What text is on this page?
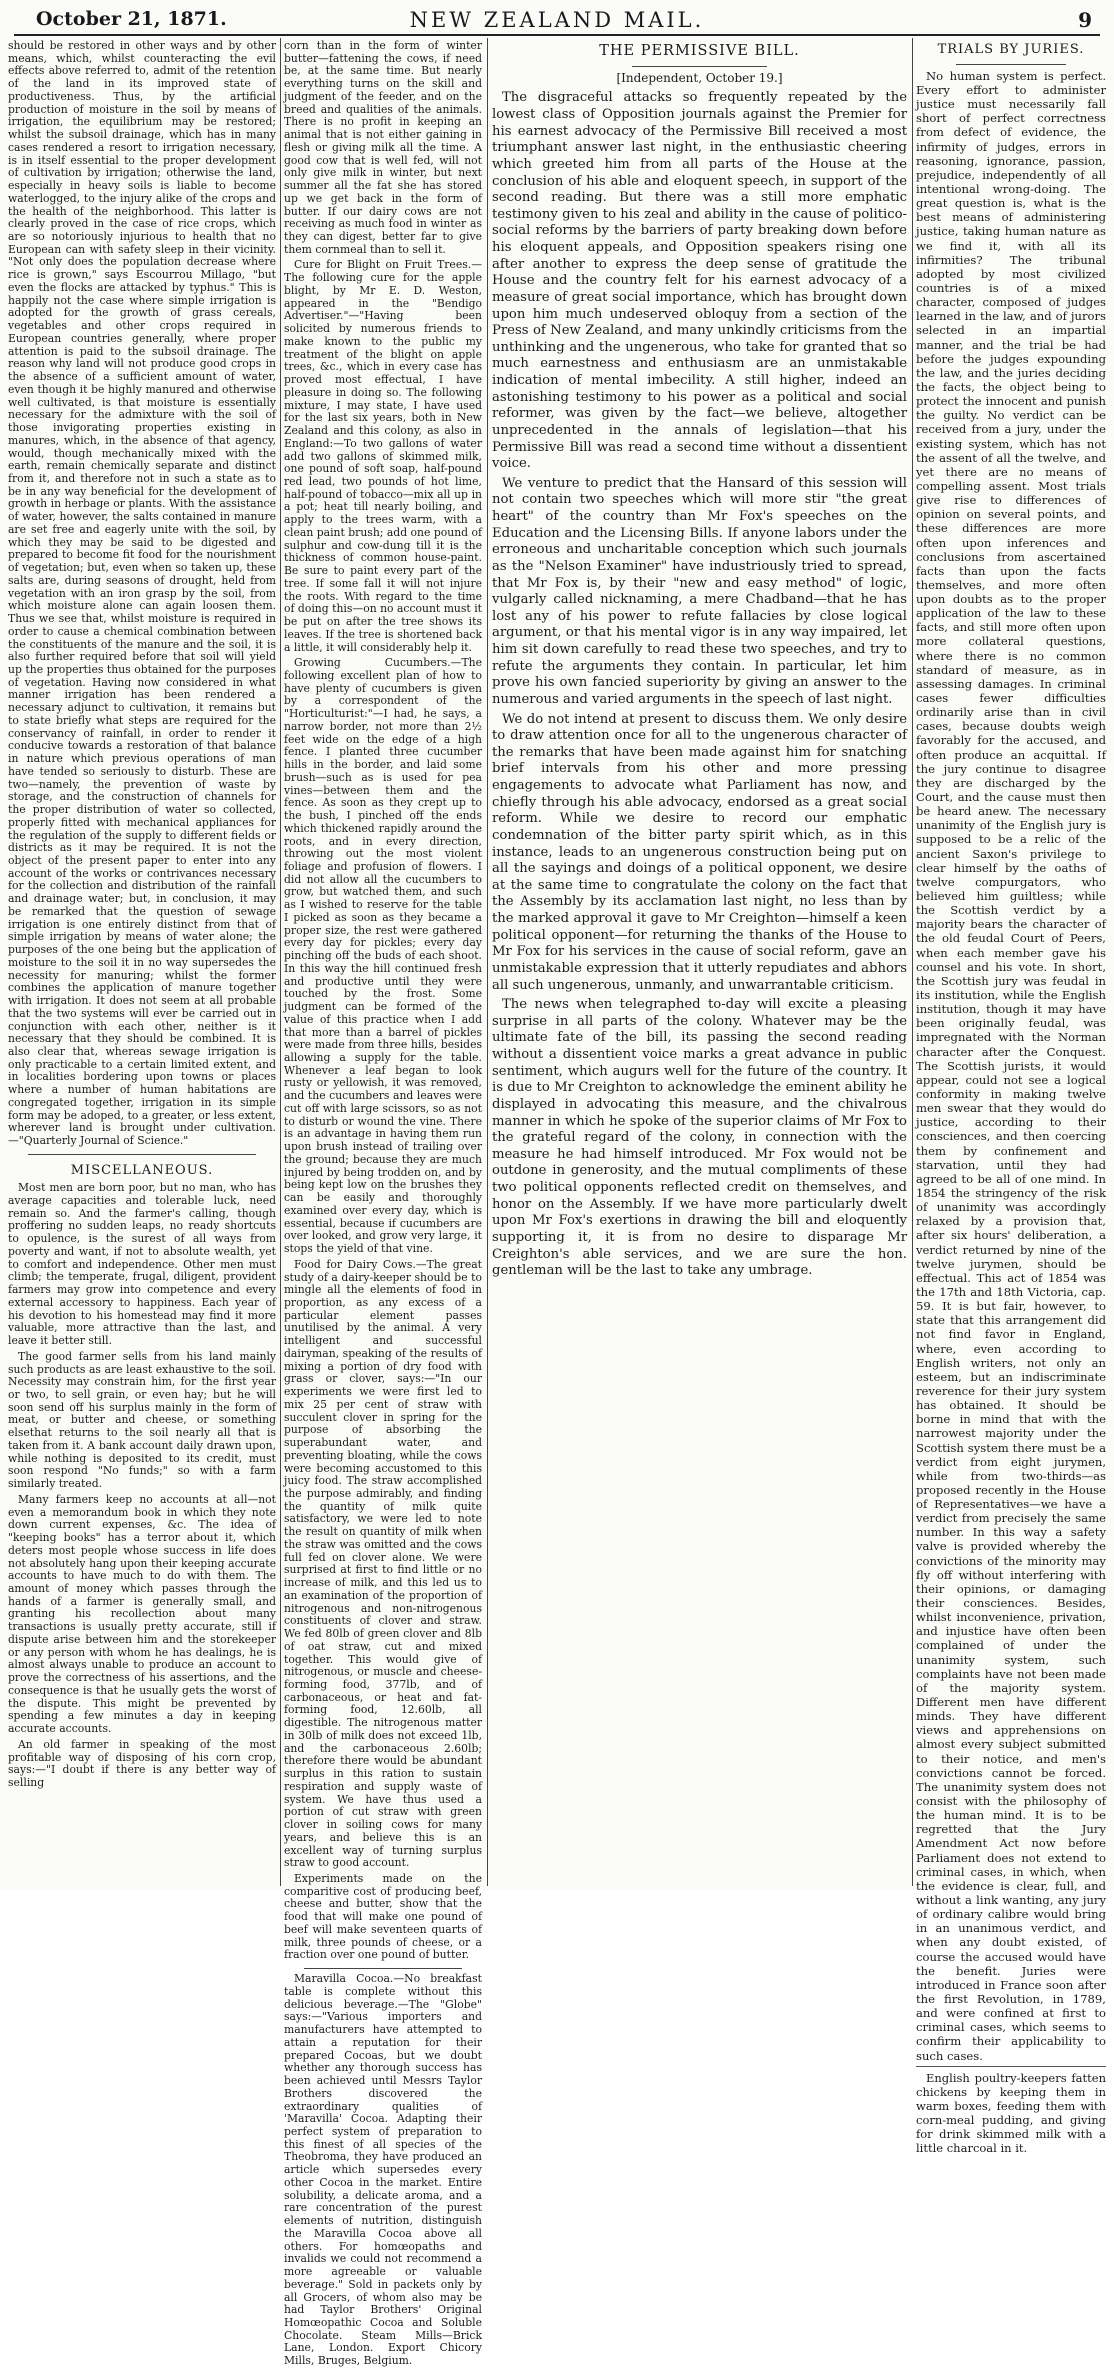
October 21, 1871.	NEW ZEALAND MAIL.	9

should be restored in other ways and by other means, which, whilst counteracting the evil effects above referred to, admit of the retention of the land in its improved state of productiveness. Thus, by the artificial production of moisture in the soil by means of irrigation, the equilibrium may be restored; whilst the subsoil drainage, which has in many cases rendered a resort to irrigation necessary, is in itself essential to the proper development of cultivation by irrigation; otherwise the land, especially in heavy soils is liable to become waterlogged, to the injury alike of the crops and the health of the neighborhood. This latter is clearly proved in the case of rice crops, which are so notoriously injurious to health that no European can with safety sleep in their vicinity. "Not only does the population decrease where rice is grown," says Escourrou Millago, "but even the flocks are attacked by typhus." This is happily not the case where simple irrigation is adopted for the growth of grass cereals, vegetables and other crops required in European countries generally, where proper attention is paid to the subsoil drainage. The reason why land will not produce good crops in the absence of a sufficient amount of water, even though it be highly manured and otherwise well cultivated, is that moisture is essentially necessary for the admixture with the soil of those invigorating properties existing in manures, which, in the absence of that agency, would, though mechanically mixed with the earth, remain chemically separate and distinct from it, and therefore not in such a state as to be in any way beneficial for the development of growth in herbage or plants. With the assistance of water, however, the salts contained in manure are set free and eagerly unite with the soil, by which they may be said to be digested and prepared to become fit food for the nourishment of vegetation; but, even when so taken up, these salts are, during seasons of drought, held from vegetation with an iron grasp by the soil, from which moisture alone can again loosen them. Thus we see that, whilst moisture is required in order to cause a chemical combination between the constituents of the manure and the soil, it is also further required before that soil will yield up the properties thus obtained for the purposes of vegetation. Having now considered in what manner irrigation has been rendered a necessary adjunct to cultivation, it remains but to state briefly what steps are required for the conservancy of rainfall, in order to render it conducive towards a restoration of that balance in nature which previous operations of man have tended so seriously to disturb. These are two—namely, the prevention of waste by storage, and the construction of channels for the proper distribution of water so collected, properly fitted with mechanical appliances for the regulation of the supply to different fields or districts as it may be required. It is not the object of the present paper to enter into any account of the works or contrivances necessary for the collection and distribution of the rainfall and drainage water; but, in conclusion, it may be remarked that the question of sewage irrigation is one entirely distinct from that of simple irrigation by means of water alone; the purposes of the one being but the application of moisture to the soil it in no way supersedes the necessity for manuring; whilst the former combines the application of manure together with irrigation. It does not seem at all probable that the two systems will ever be carried out in conjunction with each other, neither is it necessary that they should be combined. It is also clear that, whereas sewage irrigation is only practicable to a certain limited extent, and in localities bordering upon towns or places where a number of human habitations are congregated together, irrigation in its simple form may be adoped, to a greater, or less extent, wherever land is brought under cultivation.—"Quarterly Journal of Science."

MISCELLANEOUS.

Most men are born poor, but no man, who has average capacities and tolerable luck, need remain so. And the farmer's calling, though proffering no sudden leaps, no ready shortcuts to opulence, is the surest of all ways from poverty and want, if not to absolute wealth, yet to comfort and independence. Other men must climb; the temperate, frugal, diligent, provident farmers may grow into competence and every external accessory to happiness. Each year of his devotion to his homestead may find it more valuable, more attractive than the last, and leave it better still.

The good farmer sells from his land mainly such products as are least exhaustive to the soil. Necessity may constrain him, for the first year or two, to sell grain, or even hay; but he will soon send off his surplus mainly in the form of meat, or butter and cheese, or something elsethat returns to the soil nearly all that is taken from it. A bank account daily drawn upon, while nothing is deposited to its credit, must soon respond "No funds;" so with a farm similarly treated.

Many farmers keep no accounts at all—not even a memorandum book in which they note down current expenses, &c. The idea of "keeping books" has a terror about it, which deters most people whose success in life does not absolutely hang upon their keeping accurate accounts to have much to do with them. The amount of money which passes through the hands of a farmer is generally small, and granting his recollection about many transactions is usually pretty accurate, still if dispute arise between him and the storekeeper or any person with whom he has dealings, he is almost always unable to produce an account to prove the correctness of his assertions, and the consequence is that he usually gets the worst of the dispute. This might be prevented by spending a few minutes a day in keeping accurate accounts.

An old farmer in speaking of the most profitable way of disposing of his corn crop, says:—"I doubt if there is any better way of selling

corn than in the form of winter butter—fattening the cows, if need be, at the same time. But nearly everything turns on the skill and judgment of the feeder, and on the breed and qualities of the animals. There is no profit in keeping an animal that is not either gaining in flesh or giving milk all the time. A good cow that is well fed, will not only give milk in winter, but next summer all the fat she has stored up we get back in the form of butter. If our dairy cows are not receiving as much food in winter as they can digest, better far to give them cornmeal than to sell it.

Cure for Blight on Fruit Trees.—The following cure for the apple blight, by Mr E. D. Weston, appeared in the "Bendigo Advertiser."—"Having been solicited by numerous friends to make known to the public my treatment of the blight on apple trees, &c., which in every case has proved most effectual, I have pleasure in doing so. The following mixture, I may state, I have used for the last six years, both in New Zealand and this colony, as also in England:—To two gallons of water add two gallons of skimmed milk, one pound of soft soap, half-pound red lead, two pounds of hot lime, half-pound of tobacco—mix all up in a pot; heat till nearly boiling, and apply to the trees warm, with a clean paint brush; add one pound of sulphur and cow-dung till it is the thickness of common house-paint. Be sure to paint every part of the tree. If some fall it will not injure the roots. With regard to the time of doing this—on no account must it be put on after the tree shows its leaves. If the tree is shortened back a little, it will considerably help it.

Growing Cucumbers.—The following excellent plan of how to have plenty of cucumbers is given by a correspondent of the "Horticulturist:"—I had, he says, a narrow border, not more than 2½ feet wide on the edge of a high fence. I planted three cucumber hills in the border, and laid some brush—such as is used for pea vines—between them and the fence. As soon as they crept up to the bush, I pinched off the ends which thickened rapidly around the roots, and in every direction, throwing out the most violent foliage and profusion of flowers. I did not allow all the cucumbers to grow, but watched them, and such as I wished to reserve for the table I picked as soon as they became a proper size, the rest were gathered every day for pickles; every day pinching off the buds of each shoot. In this way the hill continued fresh and productive until they were touched by the frost. Some judgment can be formed of the value of this practice when I add that more than a barrel of pickles were made from three hills, besides allowing a supply for the table. Whenever a leaf began to look rusty or yellowish, it was removed, and the cucumbers and leaves were cut off with large scissors, so as not to disturb or wound the vine. There is an advantage in having them run upon brush instead of trailing over the ground; because they are much injured by being trodden on, and by being kept low on the brushes they can be easily and thoroughly examined over every day, which is essential, because if cucumbers are over looked, and grow very large, it stops the yield of that vine.

Food for Dairy Cows.—The great study of a dairy-keeper should be to mingle all the elements of food in proportion, as any excess of a particular element passes unutilised by the animal. A very intelligent and successful dairyman, speaking of the results of mixing a portion of dry food with grass or clover, says:—"In our experiments we were first led to mix 25 per cent of straw with succulent clover in spring for the purpose of absorbing the superabundant water, and preventing bloating, while the cows were becoming accustomed to this juicy food. The straw accomplished the purpose admirably, and finding the quantity of milk quite satisfactory, we were led to note the result on quantity of milk when the straw was omitted and the cows full fed on clover alone. We were surprised at first to find little or no increase of milk, and this led us to an examination of the proportion of nitrogenous and non-nitrogenous constituents of clover and straw. We fed 80lb of green clover and 8lb of oat straw, cut and mixed together. This would give of nitrogenous, or muscle and cheese-forming food, 377lb, and of carbonaceous, or heat and fat-forming food, 12.60lb, all digestible. The nitrogenous matter in 30lb of milk does not exceed 1lb, and the carbonaceous 2.60lb; therefore there would be abundant surplus in this ration to sustain respiration and supply waste of system. We have thus used a portion of cut straw with green clover in soiling cows for many years, and believe this is an excellent way of turning surplus straw to good account.

Experiments made on the comparitive cost of producing beef, cheese and butter, show that the food that will make one pound of beef will make seventeen quarts of milk, three pounds of cheese, or a fraction over one pound of butter.

Maravilla Cocoa.—No breakfast table is complete without this delicious beverage.—The "Globe" says:—"Various importers and manufacturers have attempted to attain a reputation for their prepared Cocoas, but we doubt whether any thorough success has been achieved until Messrs Taylor Brothers discovered the extraordinary qualities of 'Maravilla' Cocoa. Adapting their perfect system of preparation to this finest of all species of the Theobroma, they have produced an article which supersedes every other Cocoa in the market. Entire solubility, a delicate aroma, and a rare concentration of the purest elements of nutrition, distinguish the Maravilla Cocoa above all others. For homœopaths and invalids we could not recommend a more agreeable or valuable beverage." Sold in packets only by all Grocers, of whom also may be had Taylor Brothers' Original Homœopathic Cocoa and Soluble Chocolate. Steam Mills—Brick Lane, London. Export Chicory Mills, Bruges, Belgium.

THE PERMISSIVE BILL.
[Independent, October 19.]

The disgraceful attacks so frequently repeated by the lowest class of Opposition journals against the Premier for his earnest advocacy of the Permissive Bill received a most triumphant answer last night, in the enthusiastic cheering which greeted him from all parts of the House at the conclusion of his able and eloquent speech, in support of the second reading. But there was a still more emphatic testimony given to his zeal and ability in the cause of politico-social reforms by the barriers of party breaking down before his eloquent appeals, and Opposition speakers rising one after another to express the deep sense of gratitude the House and the country felt for his earnest advocacy of a measure of great social importance, which has brought down upon him much undeserved obloquy from a section of the Press of New Zealand, and many unkindly criticisms from the unthinking and the ungenerous, who take for granted that so much earnestness and enthusiasm are an unmistakable indication of mental imbecility. A still higher, indeed an astonishing testimony to his power as a political and social reformer, was given by the fact—we believe, altogether unprecedented in the annals of legislation—that his Permissive Bill was read a second time without a dissentient voice.

We venture to predict that the Hansard of this session will not contain two speeches which will more stir "the great heart" of the country than Mr Fox's speeches on the Education and the Licensing Bills. If anyone labors under the erroneous and uncharitable conception which such journals as the "Nelson Examiner" have industriously tried to spread, that Mr Fox is, by their "new and easy method" of logic, vulgarly called nicknaming, a mere Chadband—that he has lost any of his power to refute fallacies by close logical argument, or that his mental vigor is in any way impaired, let him sit down carefully to read these two speeches, and try to refute the arguments they contain. In particular, let him prove his own fancied superiority by giving an answer to the numerous and varied arguments in the speech of last night.

We do not intend at present to discuss them. We only desire to draw attention once for all to the ungenerous character of the remarks that have been made against him for snatching brief intervals from his other and more pressing engagements to advocate what Parliament has now, and chiefly through his able advocacy, endorsed as a great social reform. While we desire to record our emphatic condemnation of the bitter party spirit which, as in this instance, leads to an ungenerous construction being put on all the sayings and doings of a political opponent, we desire at the same time to congratulate the colony on the fact that the Assembly by its acclamation last night, no less than by the marked approval it gave to Mr Creighton—himself a keen political opponent—for returning the thanks of the House to Mr Fox for his services in the cause of social reform, gave an unmistakable expression that it utterly repudiates and abhors all such ungenerous, unmanly, and unwarrantable criticism.

The news when telegraphed to-day will excite a pleasing surprise in all parts of the colony. Whatever may be the ultimate fate of the bill, its passing the second reading without a dissentient voice marks a great advance in public sentiment, which augurs well for the future of the country. It is due to Mr Creighton to acknowledge the eminent ability he displayed in advocating this measure, and the chivalrous manner in which he spoke of the superior claims of Mr Fox to the grateful regard of the colony, in connection with the measure he had himself introduced. Mr Fox would not be outdone in generosity, and the mutual compliments of these two political opponents reflected credit on themselves, and honor on the Assembly. If we have more particularly dwelt upon Mr Fox's exertions in drawing the bill and eloquently supporting it, it is from no desire to disparage Mr Creighton's able services, and we are sure the hon. gentleman will be the last to take any umbrage.

TRIALS BY JURIES.

No human system is perfect. Every effort to administer justice must necessarily fall short of perfect correctness from defect of evidence, the infirmity of judges, errors in reasoning, ignorance, passion, prejudice, independently of all intentional wrong-doing. The great question is, what is the best means of administering justice, taking human nature as we find it, with all its infirmities? The tribunal adopted by most civilized countries is of a mixed character, composed of judges learned in the law, and of jurors selected in an impartial manner, and the trial be had before the judges expounding the law, and the juries deciding the facts, the object being to protect the innocent and punish the guilty. No verdict can be received from a jury, under the existing system, which has not the assent of all the twelve, and yet there are no means of compelling assent. Most trials give rise to differences of opinion on several points, and these differences are more often upon inferences and conclusions from ascertained facts than upon the facts themselves, and more often upon doubts as to the proper application of the law to these facts, and still more often upon more collateral questions, where there is no common standard of measure, as in assessing damages. In criminal cases fewer difficulties ordinarily arise than in civil cases, because doubts weigh favorably for the accused, and often produce an acquittal. If the jury continue to disagree they are discharged by the Court, and the cause must then be heard anew. The necessary unanimity of the English jury is supposed to be a relic of the ancient Saxon's privilege to clear himself by the oaths of twelve compurgators, who believed him guiltless; while the Scottish verdict by a majority bears the character of the old feudal Court of Peers, when each member gave his counsel and his vote. In short, the Scottish jury was feudal in its institution, while the English institution, though it may have been originally feudal, was impregnated with the Norman character after the Conquest. The Scottish jurists, it would appear, could not see a logical conformity in making twelve men swear that they would do justice, according to their consciences, and then coercing them by confinement and starvation, until they had agreed to be all of one mind. In 1854 the stringency of the risk of unanimity was accordingly relaxed by a provision that, after six hours' deliberation, a verdict returned by nine of the twelve jurymen, should be effectual. This act of 1854 was the 17th and 18th Victoria, cap. 59. It is but fair, however, to state that this arrangement did not find favor in England, where, even according to English writers, not only an esteem, but an indiscriminate reverence for their jury system has obtained. It should be borne in mind that with the narrowest majority under the Scottish system there must be a verdict from eight jurymen, while from two-thirds—as proposed recently in the House of Representatives—we have a verdict from precisely the same number. In this way a safety valve is provided whereby the convictions of the minority may fly off without interfering with their opinions, or damaging their consciences. Besides, whilst inconvenience, privation, and injustice have often been complained of under the unanimity system, such complaints have not been made of the majority system. Different men have different minds. They have different views and apprehensions on almost every subject submitted to their notice, and men's convictions cannot be forced. The unanimity system does not consist with the philosophy of the human mind. It is to be regretted that the Jury Amendment Act now before Parliament does not extend to criminal cases, in which, when the evidence is clear, full, and without a link wanting, any jury of ordinary calibre would bring in an unanimous verdict, and when any doubt existed, of course the accused would have the benefit. Juries were introduced in France soon after the first Revolution, in 1789, and were confined at first to criminal cases, which seems to confirm their applicability to such cases.

English poultry-keepers fatten chickens by keeping them in warm boxes, feeding them with corn-meal pudding, and giving for drink skimmed milk with a little charcoal in it.
